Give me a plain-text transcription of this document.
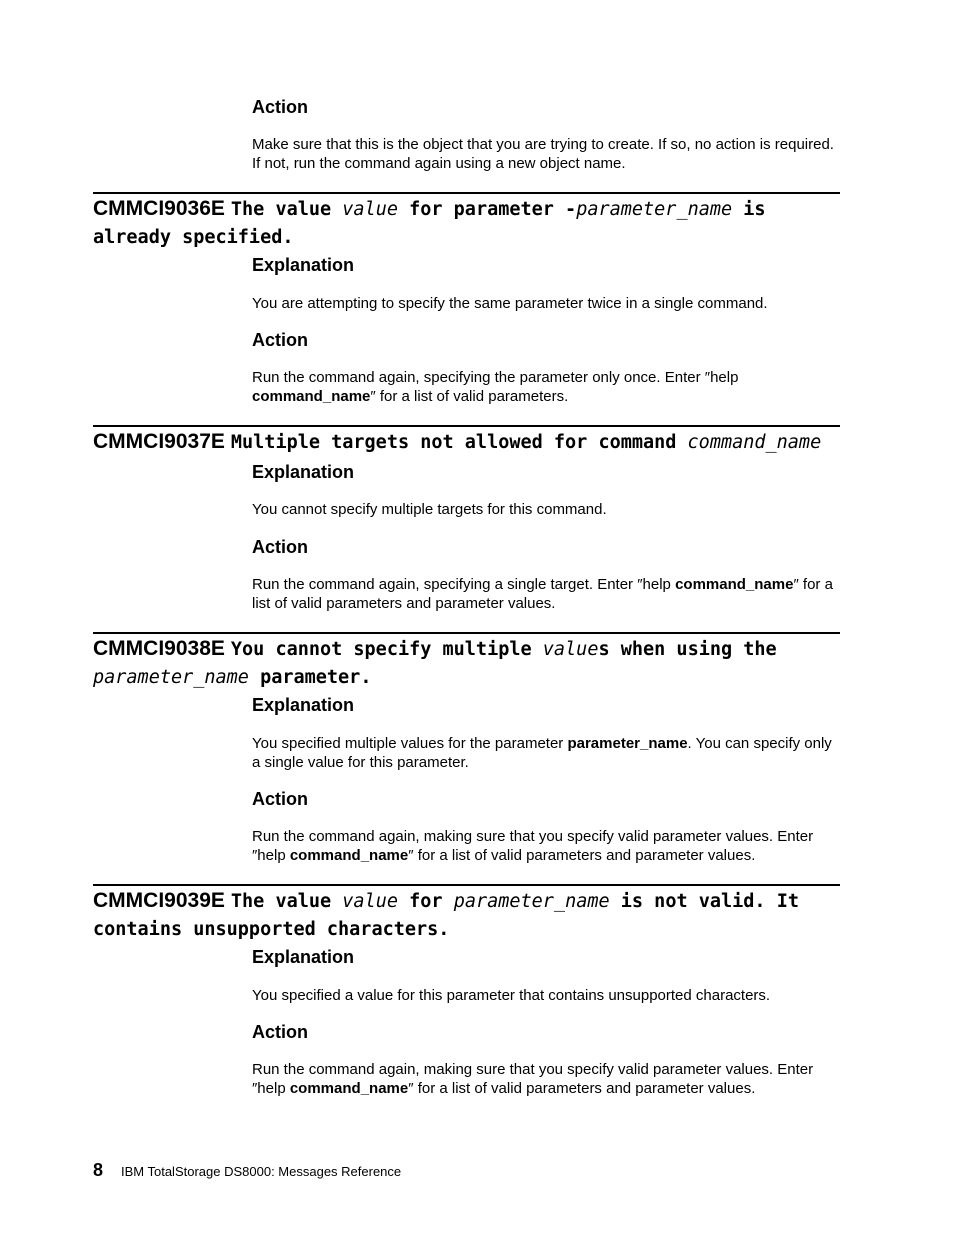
Action
Make sure that this is the object that you are trying to create. If so, no action is required. If not, run the command again using a new object name.
CMMCI9036E The value value for parameter -parameter_name is already specified.
Explanation
You are attempting to specify the same parameter twice in a single command.
Action
Run the command again, specifying the parameter only once. Enter ″help command_name″ for a list of valid parameters.
CMMCI9037E Multiple targets not allowed for command command_name
Explanation
You cannot specify multiple targets for this command.
Action
Run the command again, specifying a single target. Enter ″help command_name″ for a list of valid parameters and parameter values.
CMMCI9038E You cannot specify multiple values when using the parameter_name parameter.
Explanation
You specified multiple values for the parameter parameter_name. You can specify only a single value for this parameter.
Action
Run the command again, making sure that you specify valid parameter values. Enter ″help command_name″ for a list of valid parameters and parameter values.
CMMCI9039E The value value for parameter_name is not valid. It contains unsupported characters.
Explanation
You specified a value for this parameter that contains unsupported characters.
Action
Run the command again, making sure that you specify valid parameter values. Enter ″help command_name″ for a list of valid parameters and parameter values.
8 IBM TotalStorage DS8000: Messages Reference
